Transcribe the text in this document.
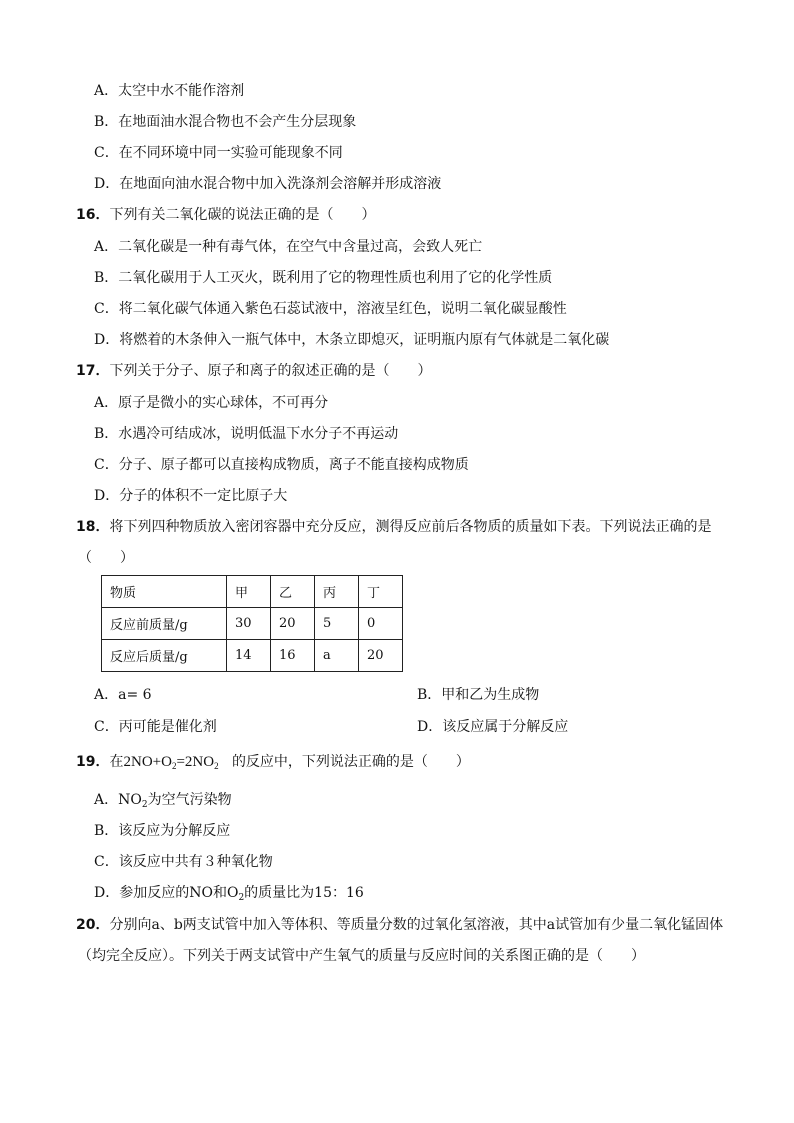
A．太空中水不能作溶剂
B．在地面油水混合物也不会产生分层现象
C．在不同环境中同一实验可能现象不同
D．在地面向油水混合物中加入洗涤剂会溶解并形成溶液
16．下列有关二氧化碳的说法正确的是（　　）
A．二氧化碳是一种有毒气体，在空气中含量过高，会致人死亡
B．二氧化碳用于人工灭火，既利用了它的物理性质也利用了它的化学性质
C．将二氧化碳气体通入紫色石蕊试液中，溶液呈红色，说明二氧化碳显酸性
D．将燃着的木条伸入一瓶气体中，木条立即熄灭，证明瓶内原有气体就是二氧化碳
17．下列关于分子、原子和离子的叙述正确的是（　　）
A．原子是微小的实心球体，不可再分
B．水遇冷可结成冰，说明低温下水分子不再运动
C．分子、原子都可以直接构成物质，离子不能直接构成物质
D．分子的体积不一定比原子大
18．将下列四种物质放入密闭容器中充分反应，测得反应前后各物质的质量如下表。下列说法正确的是
（　　）
物质	甲	乙	丙	丁
反应前质量/g	30	20	5	0
反应后质量/g	14	16	a	20
A．a= 6	B．甲和乙为生成物
C．丙可能是催化剂	D．该反应属于分解反应
19．在$2NO+O_2=2NO_2$ 的反应中，下列说法正确的是（　　）
A．$NO_2$为空气污染物
B．该反应为分解反应
C．该反应中共有３种氧化物
D．参加反应的NO和$O_2$的质量比为15：16
20．分别向a、b两支试管中加入等体积、等质量分数的过氧化氢溶液，其中a试管加有少量二氧化锰固体
（均完全反应）。下列关于两支试管中产生氧气的质量与反应时间的关系图正确的是（　　）
